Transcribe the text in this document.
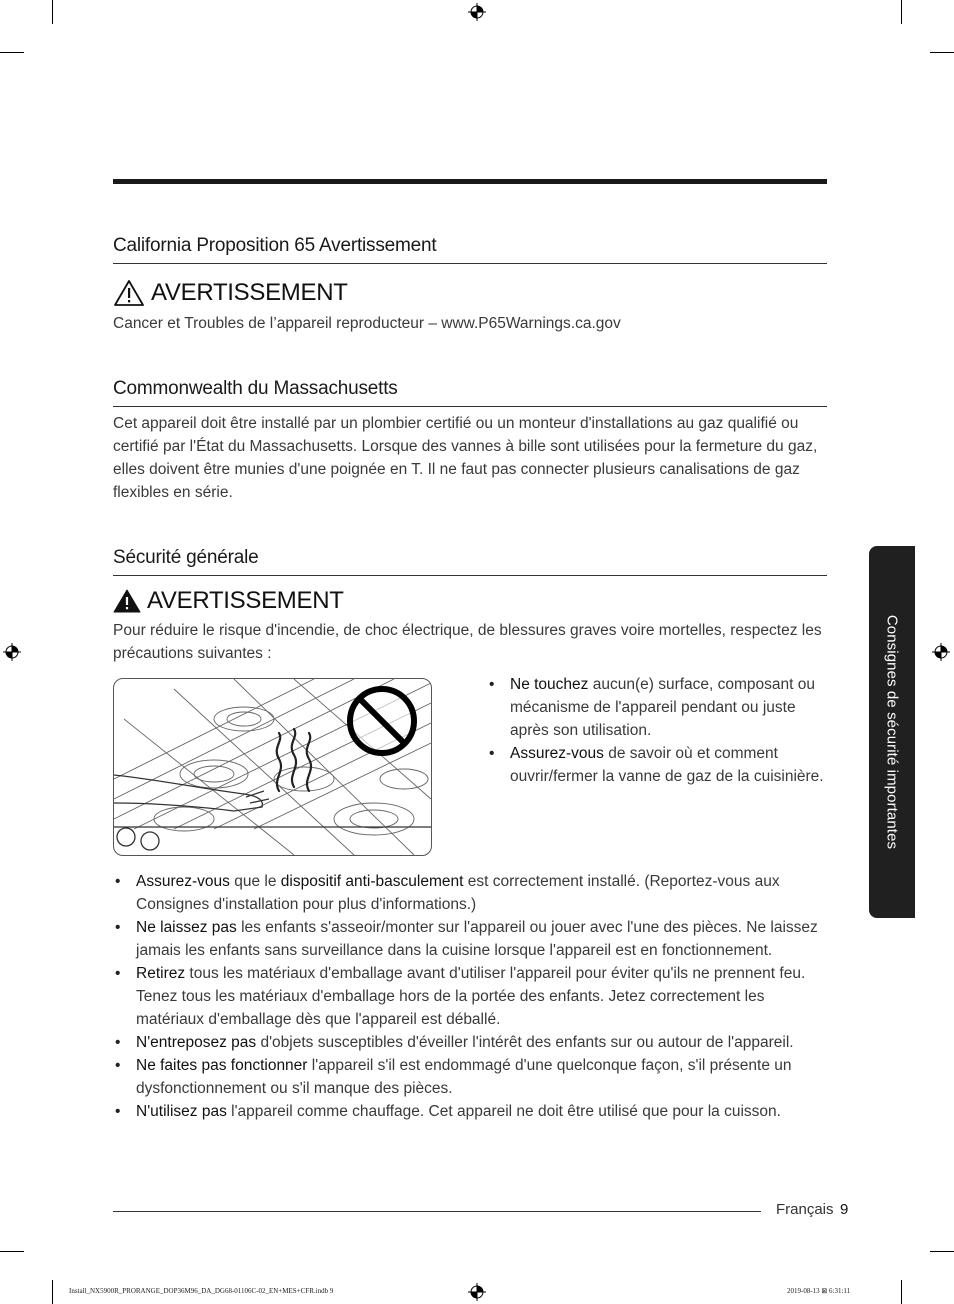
California Proposition 65 Avertissement
AVERTISSEMENT
Cancer et Troubles de l’appareil reproducteur – www.P65Warnings.ca.gov
Commonwealth du Massachusetts
Cet appareil doit être installé par un plombier certifié ou un monteur d'installations au gaz qualifié ou certifié par l'État du Massachusetts. Lorsque des vannes à bille sont utilisées pour la fermeture du gaz, elles doivent être munies d'une poignée en T. Il ne faut pas connecter plusieurs canalisations de gaz flexibles en série.
Sécurité générale
AVERTISSEMENT
Pour réduire le risque d'incendie, de choc électrique, de blessures graves voire mortelles, respectez les précautions suivantes :
• Ne touchez aucun(e) surface, composant ou mécanisme de l'appareil pendant ou juste après son utilisation.
• Assurez-vous de savoir où et comment ouvrir/fermer la vanne de gaz de la cuisinière.
• Assurez-vous que le dispositif anti-basculement est correctement installé. (Reportez-vous aux Consignes d'installation pour plus d'informations.)
• Ne laissez pas les enfants s'asseoir/monter sur l'appareil ou jouer avec l'une des pièces. Ne laissez jamais les enfants sans surveillance dans la cuisine lorsque l'appareil est en fonctionnement.
• Retirez tous les matériaux d'emballage avant d'utiliser l'appareil pour éviter qu'ils ne prennent feu. Tenez tous les matériaux d'emballage hors de la portée des enfants. Jetez correctement les matériaux d'emballage dès que l'appareil est déballé.
• N'entreposez pas d'objets susceptibles d'éveiller l'intérêt des enfants sur ou autour de l'appareil.
• Ne faites pas fonctionner l'appareil s'il est endommagé d'une quelconque façon, s'il présente un dysfonctionnement ou s'il manque des pièces.
• N'utilisez pas l'appareil comme chauffage. Cet appareil ne doit être utilisé que pour la cuisson.
Consignes de sécurité importantes
Français 9
Install_NX5900R_PRORANGE_DOP36M96_DA_DG68-01106C-02_EN+MES+CFR.indb 9	2019-08-13 ⊠ 6:31:11
